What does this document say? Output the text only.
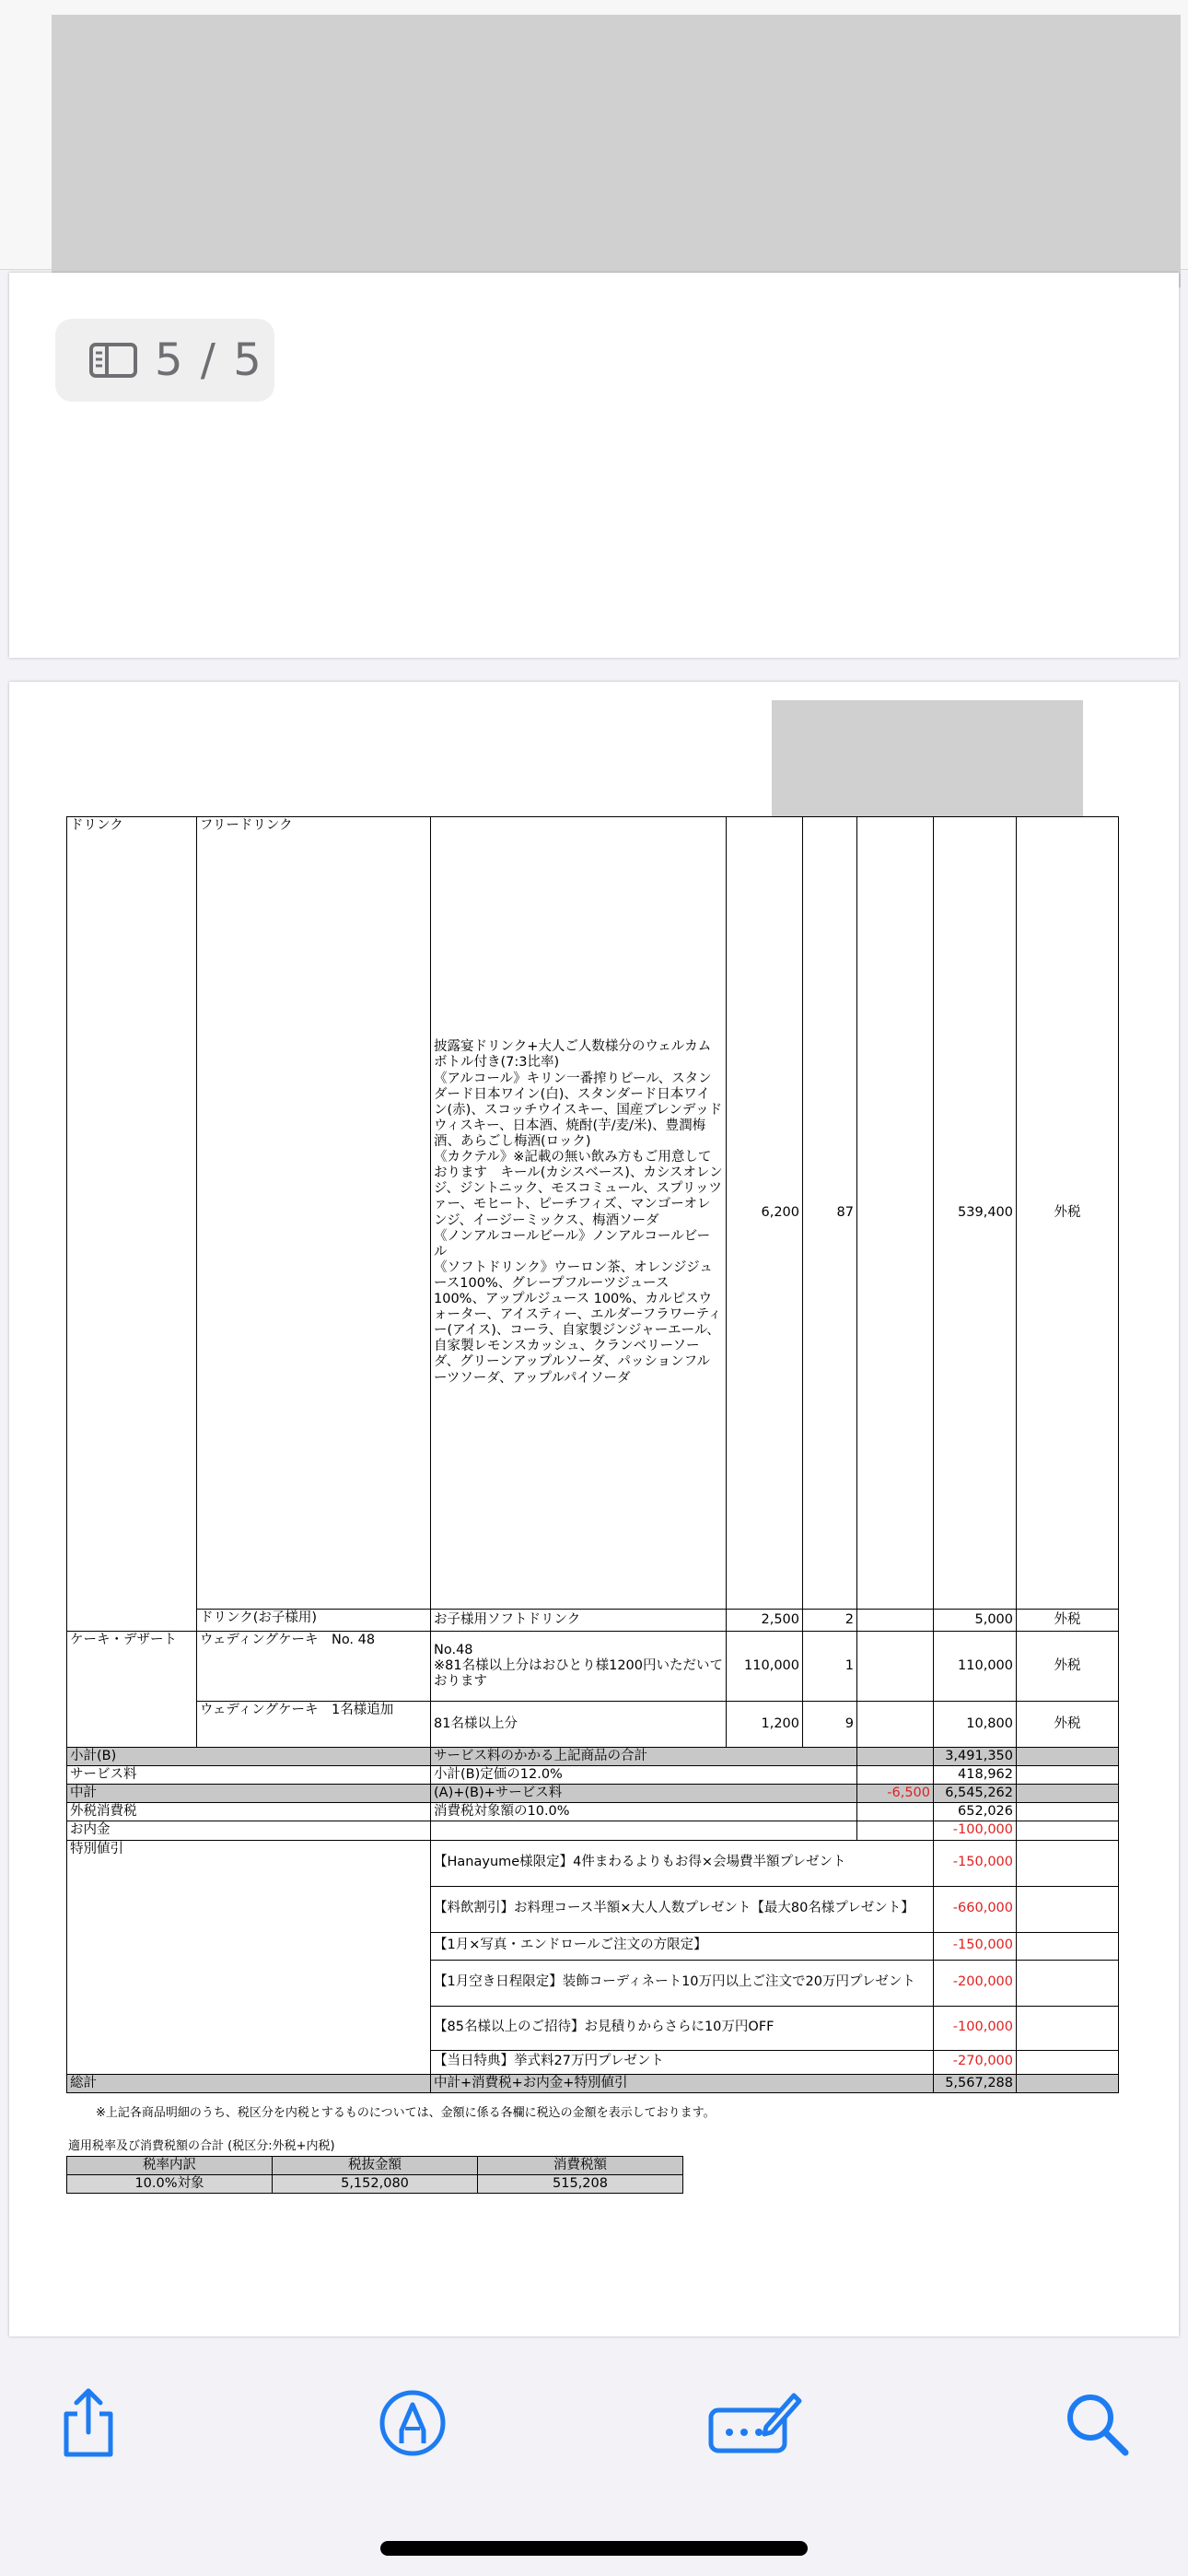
5 / 5
ドリンク	フリードリンク	披露宴ドリンク+大人ご人数様分のウェルカムボトル付き(7:3比率)
《アルコール》キリン一番搾りビール、スタンダード日本ワイン(白)、スタンダード日本ワイン(赤)、スコッチウイスキー、国産ブレンデッドウィスキー、日本酒、焼酎(芋/麦/米)、豊潤梅酒、あらごし梅酒(ロック)
《カクテル》※記載の無い飲み方もご用意しております　キール(カシスベース)、カシスオレンジ、ジントニック、モスコミュール、スプリッツァー、モヒート、ピーチフィズ、マンゴーオレンジ、イージーミックス、梅酒ソーダ
《ノンアルコールビール》ノンアルコールビール
《ソフトドリンク》ウーロン茶、オレンジジュース100%、グレープフルーツジュース 100%、アップルジュース 100%、カルピスウォーター、アイスティー、エルダーフラワーティー(アイス)、コーラ、自家製ジンジャーエール、自家製レモンスカッシュ、クランベリーソーダ、グリーンアップルソーダ、パッションフルーツソーダ、アップルパイソーダ	6,200	87		539,400	外税
	ドリンク(お子様用)	お子様用ソフトドリンク	2,500	2		5,000	外税
ケーキ・デザート	ウェディングケーキ　No. 48	No.48
※81名様以上分はおひとり様1200円いただいております	110,000	1		110,000	外税
	ウェディングケーキ　1名様追加	81名様以上分	1,200	9		10,800	外税
小計(B)		サービス料のかかる上記商品の合計				3,491,350	
サービス料		小計(B)定価の12.0%				418,962	
中計		(A)+(B)+サービス料			-6,500	6,545,262	
外税消費税		消費税対象額の10.0%				652,026	
お内金						-100,000	
特別値引		【Hanayume様限定】4件まわるよりもお得×会場費半額プレゼント				-150,000	
		【料飲割引】お料理コース半額×大人人数プレゼント【最大80名様プレゼント】				-660,000	
		【1月×写真・エンドロールご注文の方限定】				-150,000	
		【1月空き日程限定】装飾コーディネート10万円以上ご注文で20万円プレゼント				-200,000	
		【85名様以上のご招待】お見積りからさらに10万円OFF				-100,000	
		【当日特典】挙式料27万円プレゼント				-270,000	
総計		中計+消費税+お内金+特別値引				5,567,288	
※上記各商品明細のうち、税区分を内税とするものについては、金額に係る各欄に税込の金額を表示しております。
適用税率及び消費税額の合計 (税区分:外税+内税)
税率内訳	税抜金額	消費税額
10.0%対象	5,152,080	515,208
